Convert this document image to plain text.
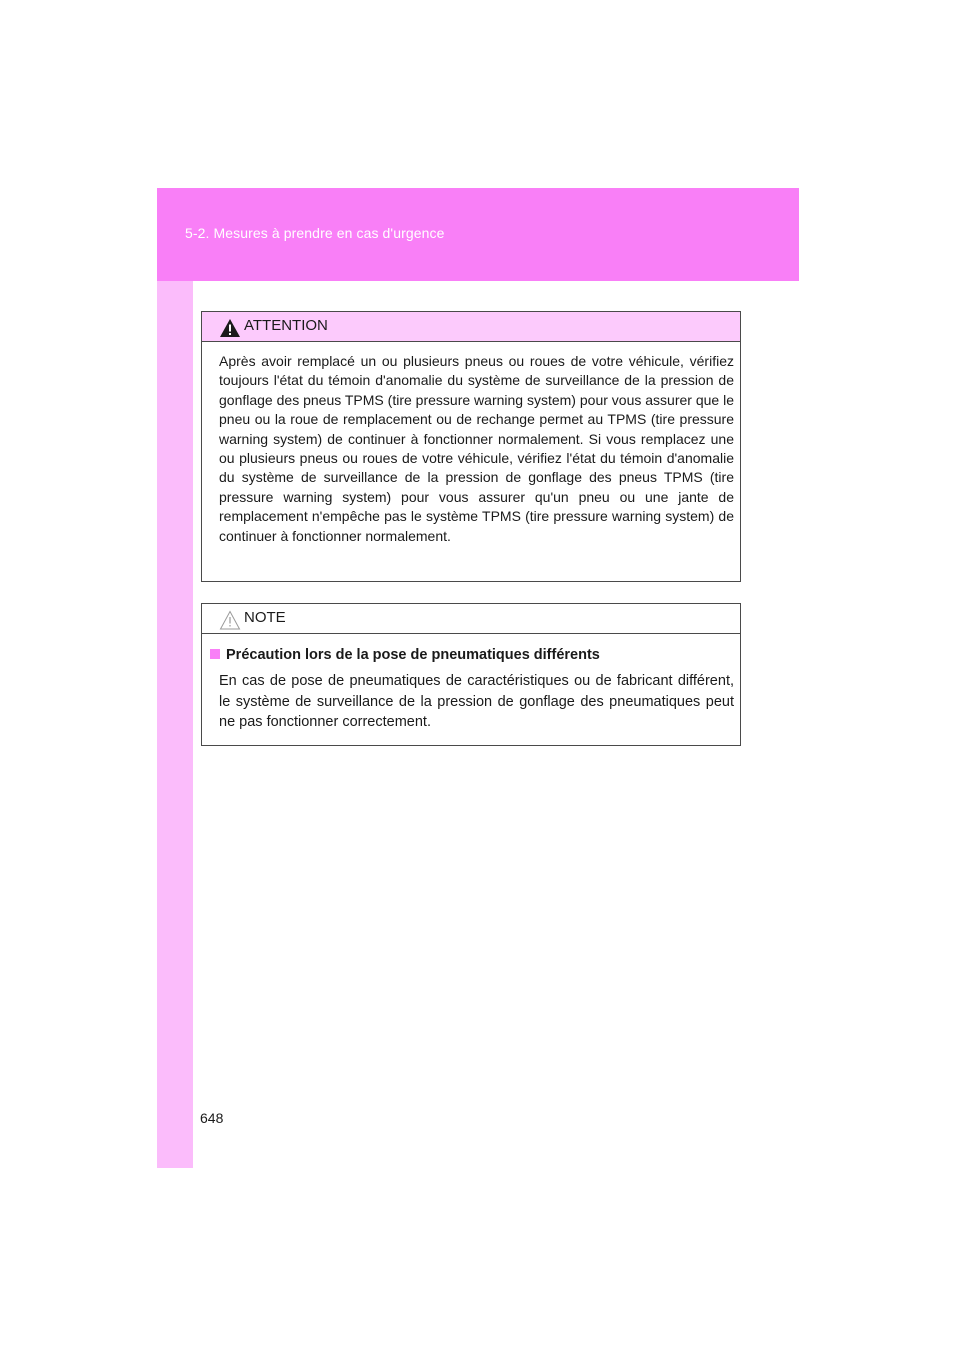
5-2. Mesures à prendre en cas d'urgence
ATTENTION

Après avoir remplacé un ou plusieurs pneus ou roues de votre véhicule, vérifiez toujours l'état du témoin d'anomalie du système de surveillance de la pression de gonflage des pneus TPMS (tire pressure warning system) pour vous assurer que le pneu ou la roue de remplacement ou de rechange permet au TPMS (tire pressure warning system) de continuer à fonctionner normalement. Si vous remplacez une ou plusieurs pneus ou roues de votre véhicule, vérifiez l'état du témoin d'anomalie du système de surveillance de la pression de gonflage des pneus TPMS (tire pressure warning system) pour vous assurer qu'un pneu ou une jante de remplacement n'empêche pas le système TPMS (tire pressure warning system) de continuer à fonctionner normalement.

NOTE
Précaution lors de la pose de pneumatiques différents

En cas de pose de pneumatiques de caractéristiques ou de fabricant différent, le système de surveillance de la pression de gonflage des pneumatiques peut ne pas fonctionner correctement.

648
